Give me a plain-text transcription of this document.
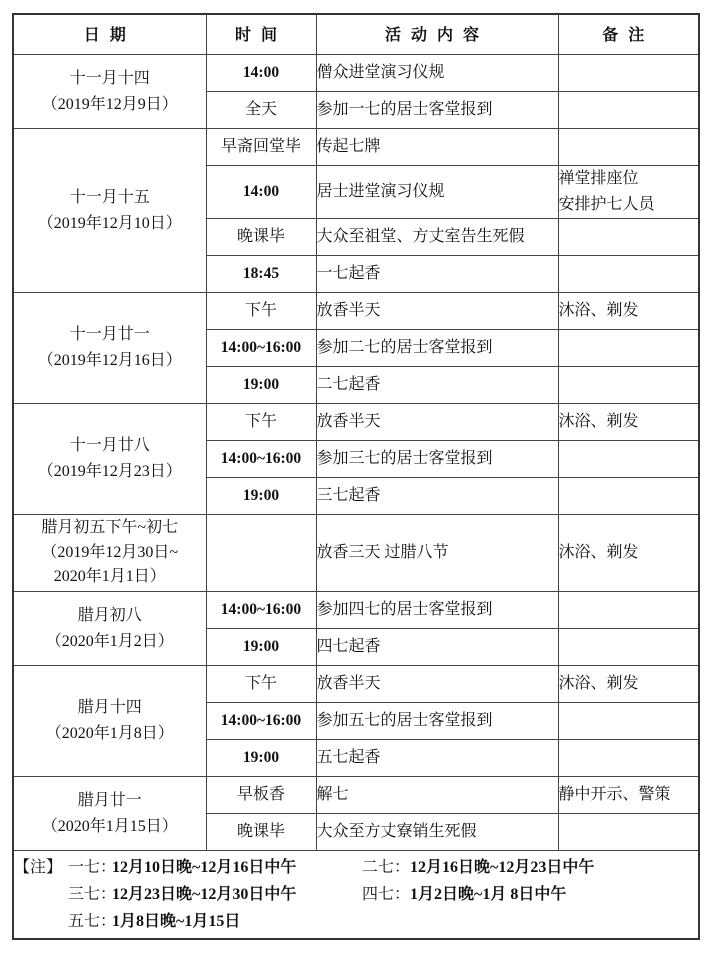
日期	时间	活动内容	备注

十一月十四
（2019年12月9日）	14:00	僧众进堂演习仪规	
	全天	参加一七的居士客堂报到	

十一月十五
（2019年12月10日）	早斋回堂毕	传起七牌	
	14:00	居士进堂演习仪规	禅堂排座位
安排护七人员

	晚课毕	大众至祖堂、方丈室告生死假	
	18:45	一七起香	

十一月廿一
（2019年12月16日）	下午	放香半天	沐浴、剃发
	14:00~16:00	参加二七的居士客堂报到	
	19:00	二七起香	

十一月廿八
（2019年12月23日）	下午	放香半天	沐浴、剃发
	14:00~16:00	参加三七的居士客堂报到	
	19:00	三七起香	

腊月初五下午~初七
（2019年12月30日~
2020年1月1日）		放香三天 过腊八节	沐浴、剃发

腊月初八
（2020年1月2日）	14:00~16:00	参加四七的居士客堂报到	
	19:00	四七起香	

腊月十四
（2020年1月8日）	下午	放香半天	沐浴、剃发
	14:00~16:00	参加五七的居士客堂报到	
	19:00	五七起香	

腊月廿一
（2020年1月15日）	早板香	解七	静中开示、警策
	晚课毕	大众至方丈寮销生死假	

【注】 一七：12月10日晚~12月16日中午 二七：12月16日晚~12月23日中午
三七：12月23日晚~12月30日中午 四七：1月2日晚~1月 8日中午
五七：1月8日晚~1月15日			
